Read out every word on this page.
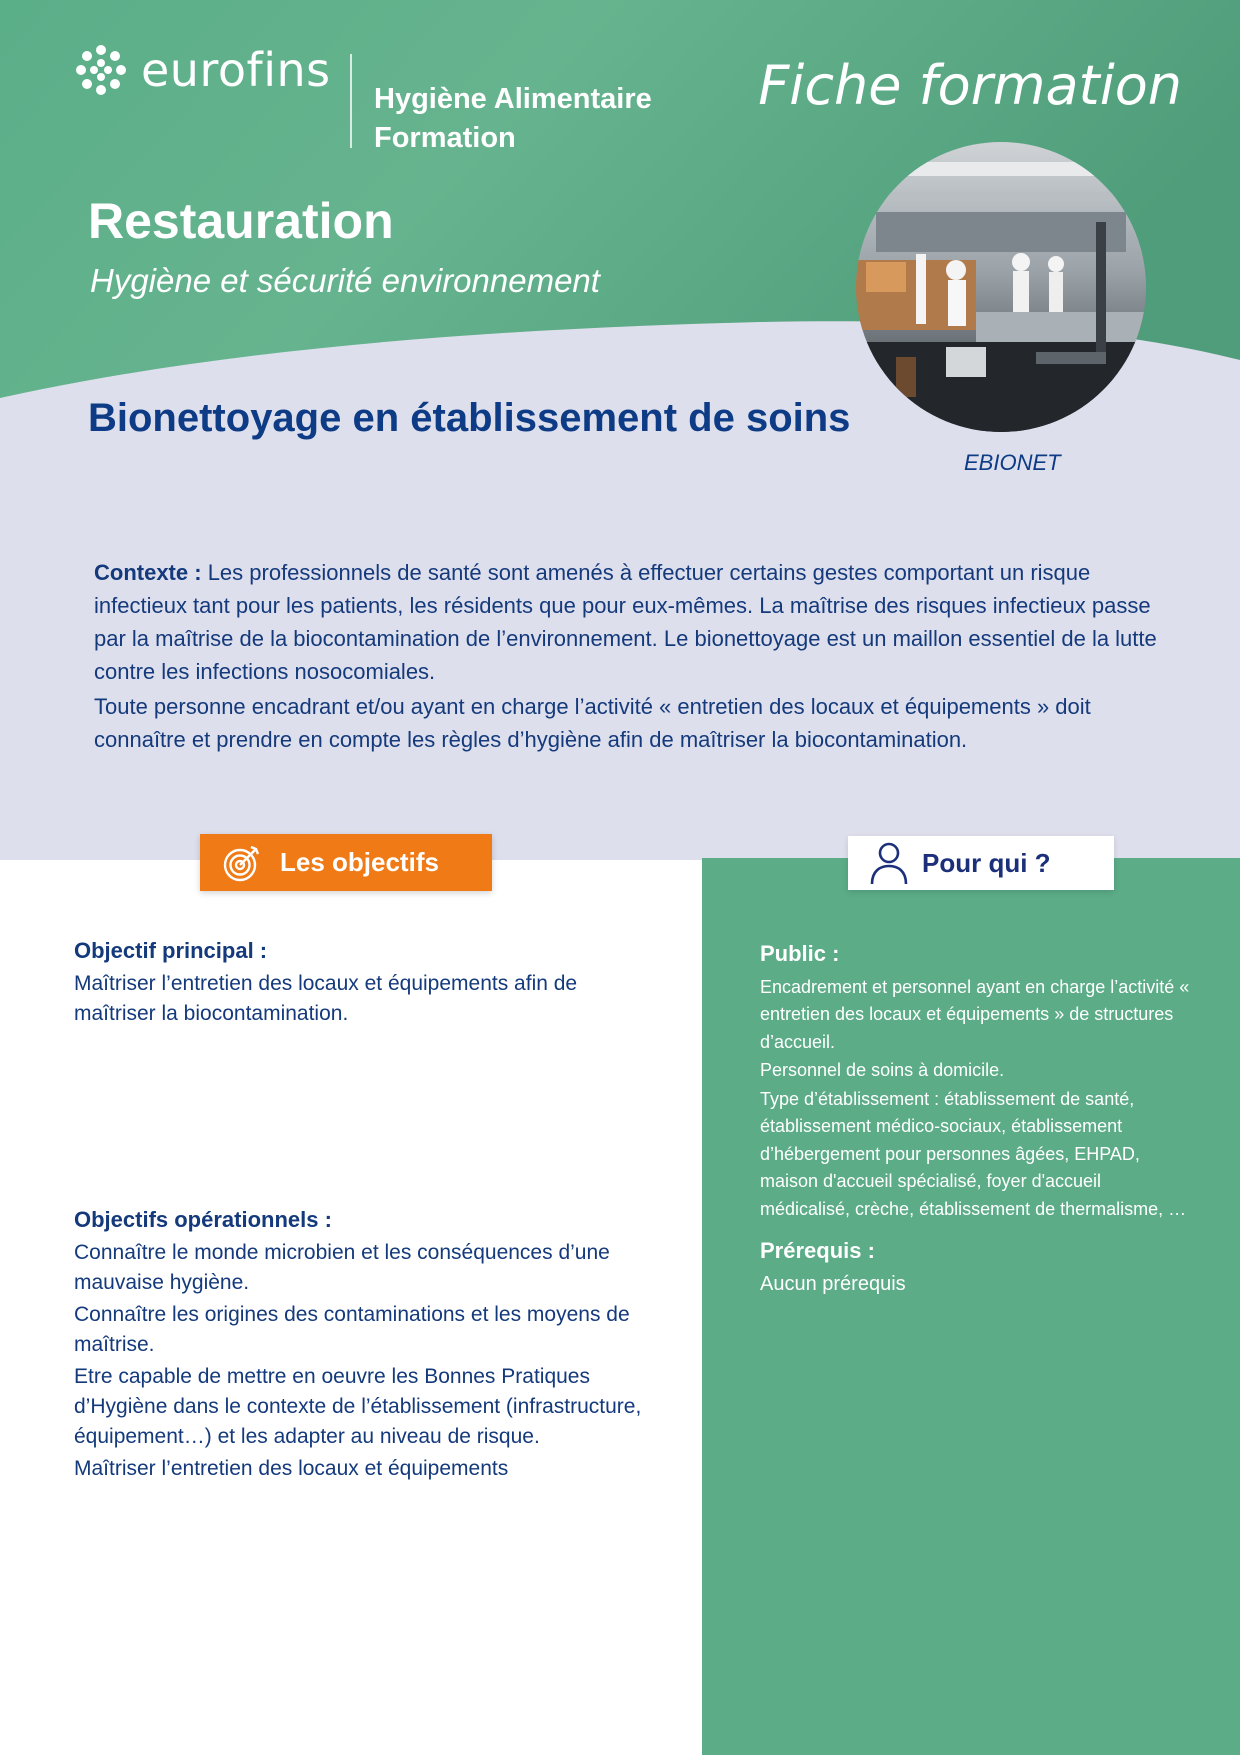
eurofins
Hygiène Alimentaire
Formation
Fiche formation
Restauration
Hygiène et sécurité environnement
Bionettoyage en établissement de soins
EBIONET

Contexte : Les professionnels de santé sont amenés à effectuer certains gestes comportant un risque infectieux tant pour les patients, les résidents que pour eux-mêmes. La maîtrise des risques infectieux passe par la maîtrise de la biocontamination de l’environnement. Le bionettoyage est un maillon essentiel de la lutte contre les infections nosocomiales.

Toute personne encadrant et/ou ayant en charge l’activité « entretien des locaux et équipements » doit connaître et prendre en compte les règles d’hygiène afin de maîtriser la biocontamination.

Les objectifs	Pour qui ?
Objectif principal :

Maîtriser l’entretien des locaux et équipements afin de maîtriser la biocontamination.

Objectifs opérationnels :

Connaître le monde microbien et les conséquences d’une mauvaise hygiène.

Connaître les origines des contaminations et les moyens de maîtrise.

Etre capable de mettre en oeuvre les Bonnes Pratiques d’Hygiène dans le contexte de l’établissement (infrastructure, équipement…) et les adapter au niveau de risque.

Maîtriser l’entretien des locaux et équipements

Public :

Encadrement et personnel ayant en charge l’activité « entretien des locaux et équipements » de structures d’accueil.

Personnel de soins à domicile.

Type d’établissement : établissement de santé, établissement médico-sociaux, établissement d’hébergement pour personnes âgées, EHPAD, maison d'accueil spécialisé, foyer d'accueil médicalisé, crèche, établissement de thermalisme, …

Prérequis :

Aucun prérequis
